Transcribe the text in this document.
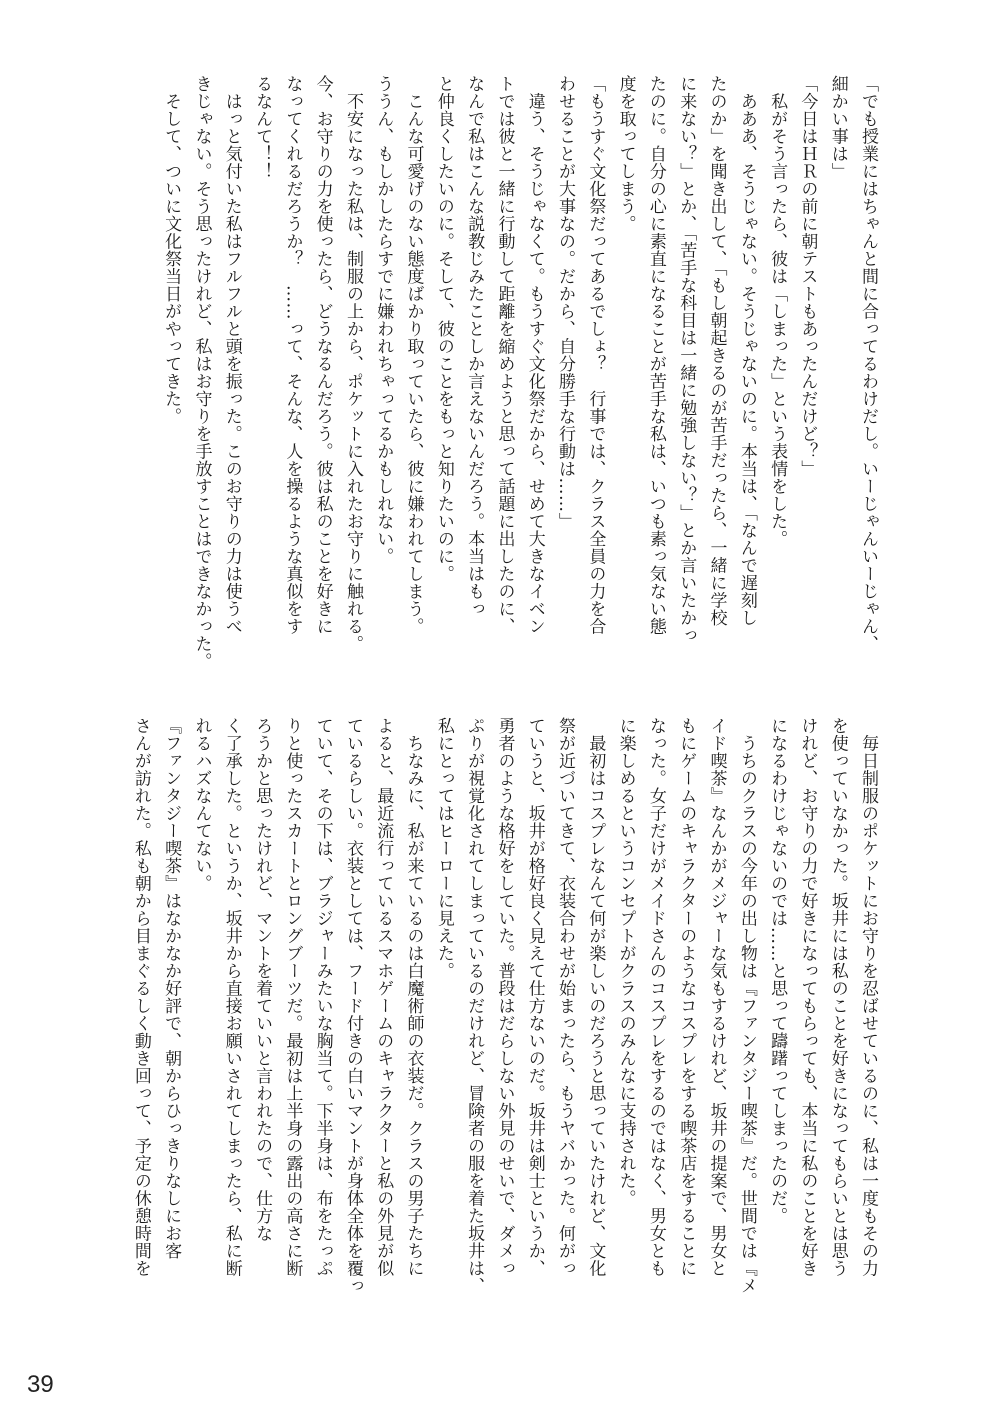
「でも授業にはちゃんと間に合ってるわけだし。いーじゃんいーじゃん、

細かい事は」

「今日はＨＲの前に朝テストもあったんだけど？」

　私がそう言ったら、彼は「しまった」という表情をした。

　あああ、そうじゃない。そうじゃないのに。本当は、「なんで遅刻し

たのか」を聞き出して、「もし朝起きるのが苦手だったら、一緒に学校

に来ない？」とか、「苦手な科目は一緒に勉強しない？」とか言いたかっ

たのに。自分の心に素直になることが苦手な私は、いつも素っ気ない態

度を取ってしまう。

「もうすぐ文化祭だってあるでしょ？　行事では、クラス全員の力を合

わせることが大事なの。だから、自分勝手な行動は……」

　違う、そうじゃなくて。もうすぐ文化祭だから、せめて大きなイベン

トでは彼と一緒に行動して距離を縮めようと思って話題に出したのに、

なんで私はこんな説教じみたことしか言えないんだろう。本当はもっ

と仲良くしたいのに。そして、彼のことをもっと知りたいのに。

　こんな可愛げのない態度ばかり取っていたら、彼に嫌われてしまう。

ううん、もしかしたらすでに嫌われちゃってるかもしれない。

　不安になった私は、制服の上から、ポケットに入れたお守りに触れる。

今、お守りの力を使ったら、どうなるんだろう。彼は私のことを好きに

なってくれるだろうか？　……って、そんな、人を操るような真似をす

るなんて！！

　はっと気付いた私はフルフルと頭を振った。このお守りの力は使うべ

きじゃない。そう思ったけれど、私はお守りを手放すことはできなかった。

　そして、ついに文化祭当日がやってきた。

　毎日制服のポケットにお守りを忍ばせているのに、私は一度もその力

を使っていなかった。坂井には私のことを好きになってもらいとは思う

けれど、お守りの力で好きになってもらっても、本当に私のことを好き

になるわけじゃないのでは……と思って躊躇ってしまったのだ。

　うちのクラスの今年の出し物は『ファンタジー喫茶』だ。世間では『メ

イド喫茶』なんかがメジャーな気もするけれど、坂井の提案で、男女と

もにゲームのキャラクターのようなコスプレをする喫茶店をすることに

なった。女子だけがメイドさんのコスプレをするのではなく、男女とも

に楽しめるというコンセプトがクラスのみんなに支持された。

　最初はコスプレなんて何が楽しいのだろうと思っていたけれど、文化

祭が近づいてきて、衣装合わせが始まったら、もうヤバかった。何がっ

ていうと、坂井が格好良く見えて仕方ないのだ。坂井は剣士というか、

勇者のような格好をしていた。普段はだらしない外見のせいで、ダメっ

ぷりが視覚化されてしまっているのだけれど、冒険者の服を着た坂井は、

私にとってはヒーローに見えた。

　ちなみに、私が来ているのは白魔術師の衣装だ。クラスの男子たちに

よると、最近流行っているスマホゲームのキャラクターと私の外見が似

ているらしい。衣装としては、フード付きの白いマントが身体全体を覆っ

ていて、その下は、ブラジャーみたいな胸当て。下半身は、布をたっぷ

りと使ったスカートとロングブーツだ。最初は上半身の露出の高さに断

ろうかと思ったけれど、マントを着ていいと言われたので、仕方な

く了承した。というか、坂井から直接お願いされてしまったら、私に断

れるハズなんてない。

『ファンタジー喫茶』はなかなか好評で、朝からひっきりなしにお客

さんが訪れた。私も朝から目まぐるしく動き回って、予定の休憩時間を

39
